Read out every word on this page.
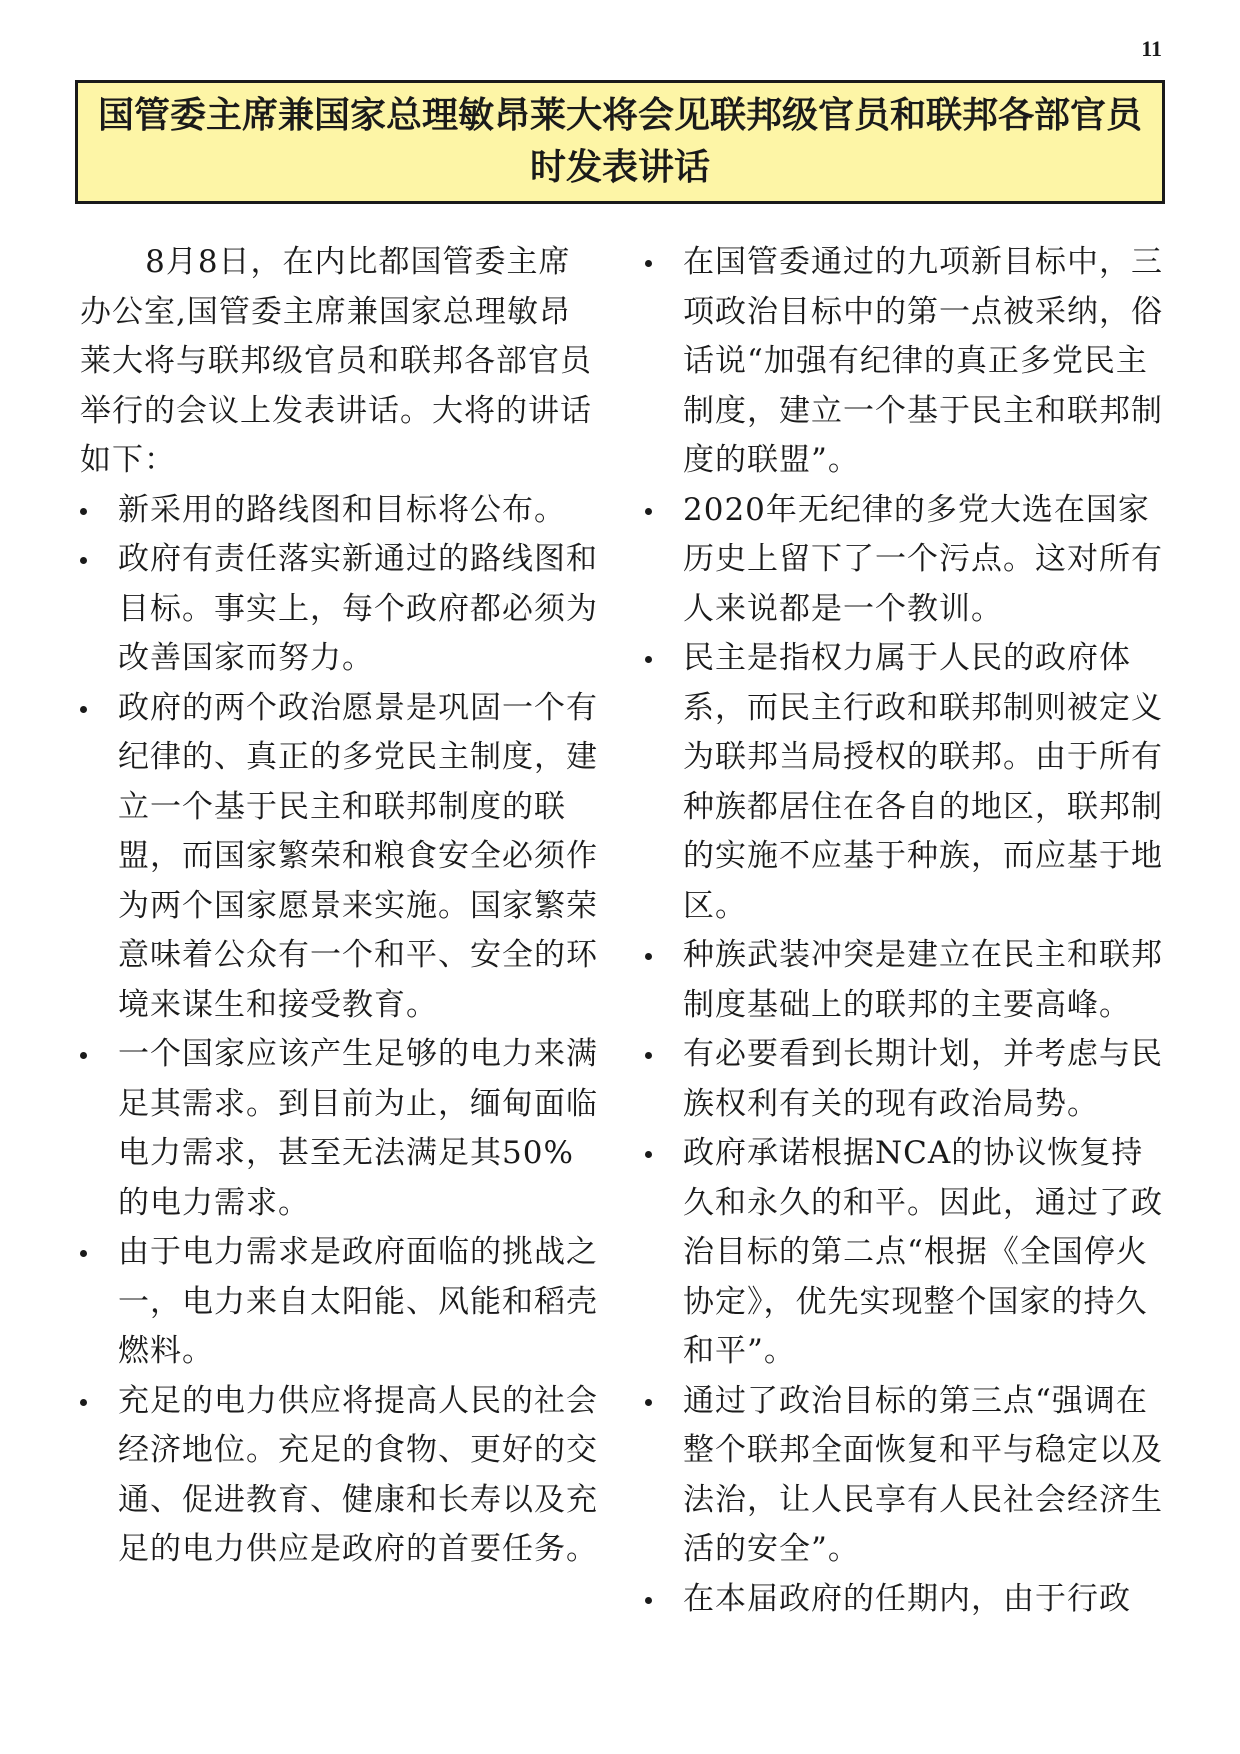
11
国管委主席兼国家总理敏昂莱大将会见联邦级官员和联邦各部官员时发表讲话

8月8日，在内比都国管委主席办公室,国管委主席兼国家总理敏昂莱大将与联邦级官员和联邦各部官员举行的会议上发表讲话。大将的讲话如下：

新采用的路线图和目标将公布。
政府有责任落实新通过的路线图和目标。事实上，每个政府都必须为改善国家而努力。
政府的两个政治愿景是巩固一个有纪律的、真正的多党民主制度，建立一个基于民主和联邦制度的联盟，而国家繁荣和粮食安全必须作为两个国家愿景来实施。国家繁荣意味着公众有一个和平、安全的环境来谋生和接受教育。
一个国家应该产生足够的电力来满足其需求。到目前为止，缅甸面临电力需求，甚至无法满足其50%的电力需求。
由于电力需求是政府面临的挑战之一，电力来自太阳能、风能和稻壳燃料。
充足的电力供应将提高人民的社会经济地位。充足的食物、更好的交通、促进教育、健康和长寿以及充足的电力供应是政府的首要任务。
在国管委通过的九项新目标中，三项政治目标中的第一点被采纳，俗话说“加强有纪律的真正多党民主制度，建立一个基于民主和联邦制度的联盟”。
2020年无纪律的多党大选在国家历史上留下了一个污点。这对所有人来说都是一个教训。
民主是指权力属于人民的政府体系，而民主行政和联邦制则被定义为联邦当局授权的联邦。由于所有种族都居住在各自的地区，联邦制的实施不应基于种族，而应基于地区。
种族武装冲突是建立在民主和联邦制度基础上的联邦的主要高峰。
有必要看到长期计划，并考虑与民族权利有关的现有政治局势。
政府承诺根据NCA的协议恢复持久和永久的和平。因此，通过了政治目标的第二点“根据《全国停火协定》，优先实现整个国家的持久和平”。
通过了政治目标的第三点“强调在整个联邦全面恢复和平与稳定以及法治，让人民享有人民社会经济生活的安全”。
在本届政府的任期内，由于行政
